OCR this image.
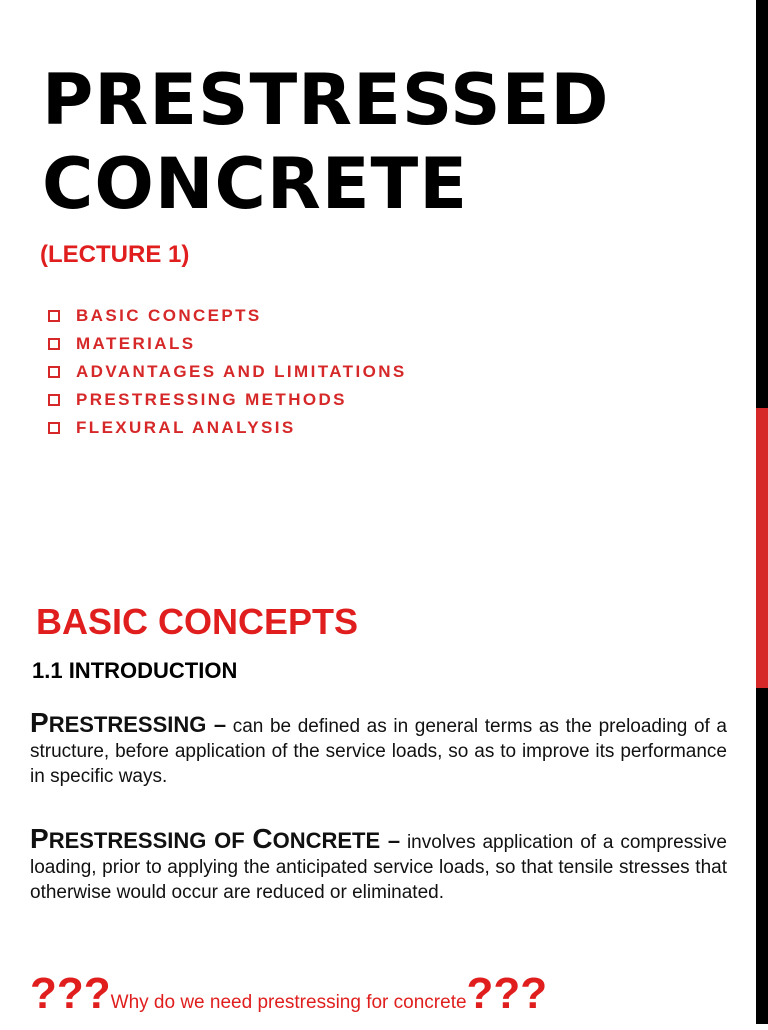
PRESTRESSED
CONCRETE
(LECTURE 1)
BASIC CONCEPTS
MATERIALS
ADVANTAGES AND LIMITATIONS
PRESTRESSING METHODS
FLEXURAL ANALYSIS
BASIC CONCEPTS
1.1 INTRODUCTION

PRESTRESSING – can be defined as in general terms as the preloading of a structure, before application of the service loads, so as to improve its performance in specific ways.

PRESTRESSING OF CONCRETE – involves application of a compressive loading, prior to applying the anticipated service loads, so that tensile stresses that otherwise would occur are reduced or eliminated.

???Why do we need prestressing for concrete???
